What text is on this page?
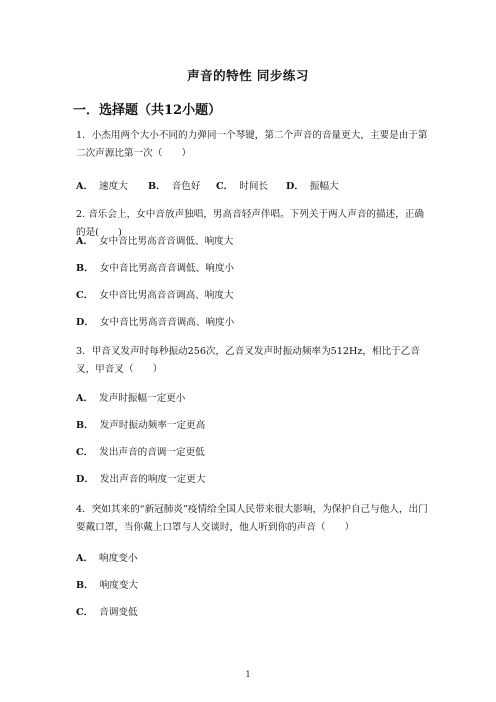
声音的特性 同步练习
一．选择题（共12小题）
1．小杰用两个大小不同的力弹同一个琴键，第二个声音的音量更大，主要是由于第二次声源比第一次（　　）
A． 速度大	B． 音色好	C． 时间长	D． 振幅大
2. 音乐会上，女中音放声独唱，男高音轻声伴唱。下列关于两人声音的描述，正确的是(　　)
A． 女中音比男高音音调低、响度大
B． 女中音比男高音音调低、响度小
C． 女中音比男高音音调高、响度大
D． 女中音比男高音音调高、响度小
3．甲音叉发声时每秒振动256次，乙音叉发声时振动频率为512Hz，相比于乙音叉，甲音叉（　　）
A． 发声时振幅一定更小
B． 发声时振动频率一定更高
C． 发出声音的音调一定更低
D． 发出声音的响度一定更大
4．突如其来的“新冠肺炎”疫情给全国人民带来很大影响，为保护自己与他人，出门要戴口罩，当你戴上口罩与人交谈时，他人听到你的声音（　　）
A． 响度变小
B． 响度变大
C． 音调变低
1
